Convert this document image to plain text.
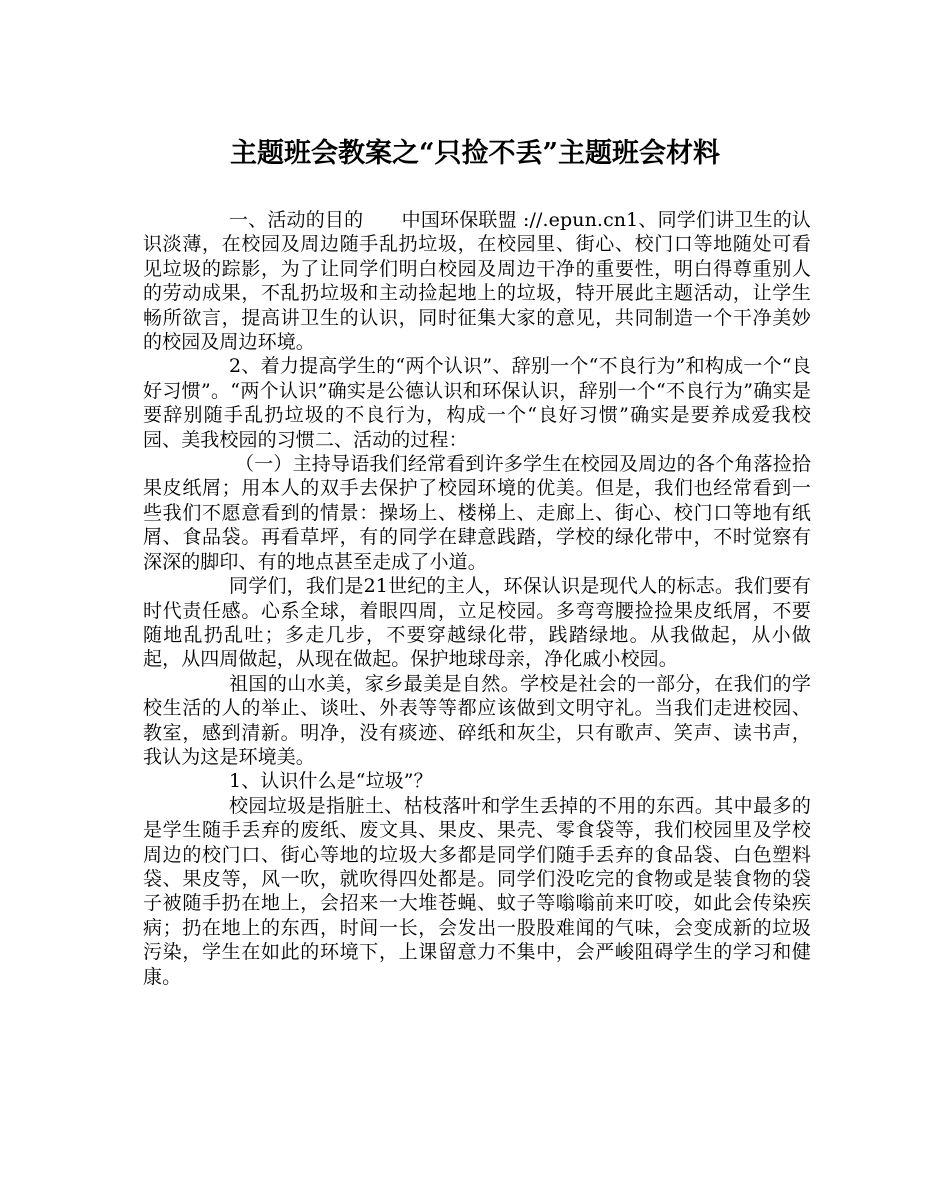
主题班会教案之“只捡不丢”主题班会材料

一、活动的目的　　中国环保联盟 ://.epun.cn1、同学们讲卫生的认识淡薄，在校园及周边随手乱扔垃圾，在校园里、街心、校门口等地随处可看见垃圾的踪影，为了让同学们明白校园及周边干净的重要性，明白得尊重别人的劳动成果，不乱扔垃圾和主动捡起地上的垃圾，特开展此主题活动，让学生畅所欲言，提高讲卫生的认识，同时征集大家的意见，共同制造一个干净美妙的校园及周边环境。

2、着力提高学生的“两个认识”、辞别一个“不良行为”和构成一个“良好习惯”。“两个认识”确实是公德认识和环保认识，辞别一个“不良行为”确实是要辞别随手乱扔垃圾的不良行为，构成一个“良好习惯”确实是要养成爱我校园、美我校园的习惯二、活动的过程：

（一）主持导语我们经常看到许多学生在校园及周边的各个角落捡拾果皮纸屑；用本人的双手去保护了校园环境的优美。但是，我们也经常看到一些我们不愿意看到的情景：操场上、楼梯上、走廊上、街心、校门口等地有纸屑、食品袋。再看草坪，有的同学在肆意践踏，学校的绿化带中，不时觉察有深深的脚印、有的地点甚至走成了小道。

同学们，我们是21世纪的主人，环保认识是现代人的标志。我们要有时代责任感。心系全球，着眼四周，立足校园。多弯弯腰捡捡果皮纸屑，不要随地乱扔乱吐；多走几步，不要穿越绿化带，践踏绿地。从我做起，从小做起，从四周做起，从现在做起。保护地球母亲，净化戚小校园。

祖国的山水美，家乡最美是自然。学校是社会的一部分，在我们的学校生活的人的举止、谈吐、外表等等都应该做到文明守礼。当我们走进校园、教室，感到清新。明净，没有痰迹、碎纸和灰尘，只有歌声、笑声、读书声，我认为这是环境美。

1、认识什么是“垃圾”？

校园垃圾是指脏土、枯枝落叶和学生丢掉的不用的东西。其中最多的是学生随手丢弃的废纸、废文具、果皮、果壳、零食袋等，我们校园里及学校周边的校门口、街心等地的垃圾大多都是同学们随手丢弃的食品袋、白色塑料袋、果皮等，风一吹，就吹得四处都是。同学们没吃完的食物或是装食物的袋子被随手扔在地上，会招来一大堆苍蝇、蚊子等嗡嗡前来叮咬，如此会传染疾病；扔在地上的东西，时间一长，会发出一股股难闻的气味，会变成新的垃圾污染，学生在如此的环境下，上课留意力不集中，会严峻阻碍学生的学习和健康。
